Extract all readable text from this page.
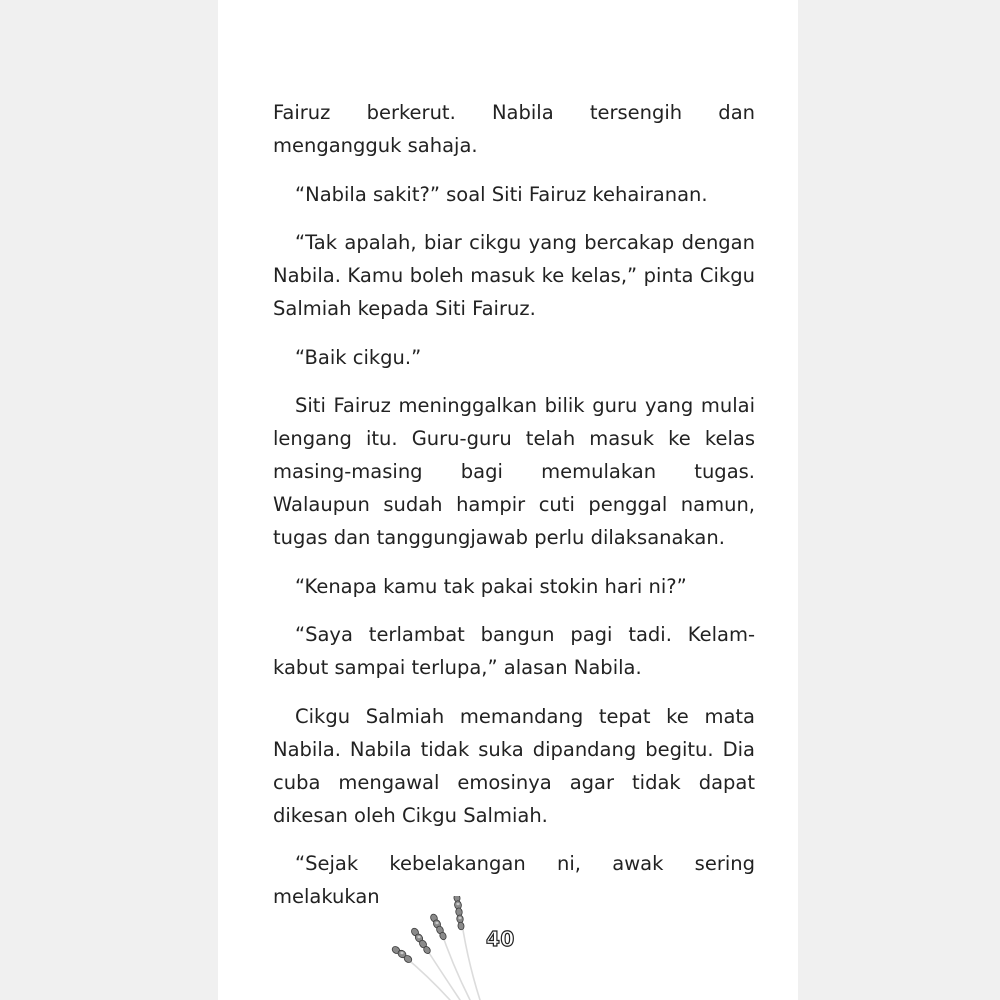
Fairuz berkerut. Nabila tersengih dan mengangguk sahaja.

“Nabila sakit?” soal Siti Fairuz kehairanan.

“Tak apalah, biar cikgu yang bercakap dengan Nabila. Kamu boleh masuk ke kelas,” pinta Cikgu Salmiah kepada Siti Fairuz.

“Baik cikgu.”

Siti Fairuz meninggalkan bilik guru yang mulai lengang itu. Guru-guru telah masuk ke kelas masing-masing bagi memulakan tugas. Walaupun sudah hampir cuti penggal namun, tugas dan tanggungjawab perlu dilaksanakan.

“Kenapa kamu tak pakai stokin hari ni?”

“Saya terlambat bangun pagi tadi. Kelam-kabut sampai terlupa,” alasan Nabila.

Cikgu Salmiah memandang tepat ke mata Nabila. Nabila tidak suka dipandang begitu. Dia cuba mengawal emosinya agar tidak dapat dikesan oleh Cikgu Salmiah.

“Sejak kebelakangan ni, awak sering melakukan

40
